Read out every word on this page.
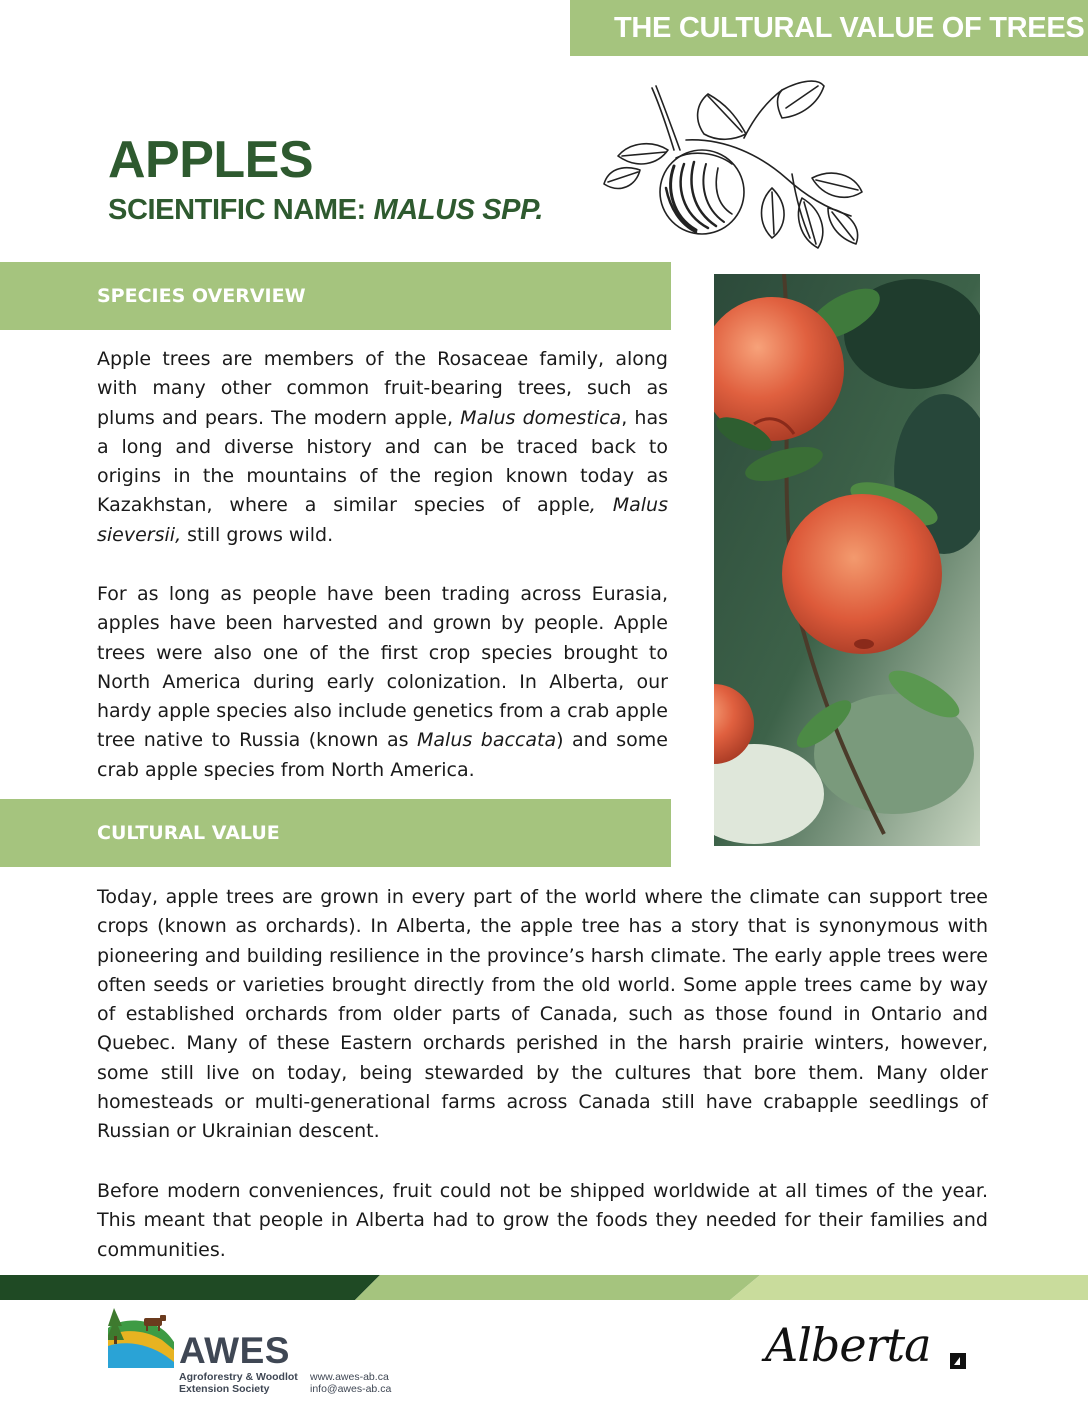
THE CULTURAL VALUE OF TREES
APPLES
SCIENTIFIC NAME: MALUS SPP.
SPECIES OVERVIEW

Apple trees are members of the Rosaceae family, along with many other common fruit-bearing trees, such as plums and pears. The modern apple, Malus domestica, has a long and diverse history and can be traced back to origins in the mountains of the region known today as Kazakhstan, where a similar species of apple, Malus sieversii, still grows wild.

For as long as people have been trading across Eurasia, apples have been harvested and grown by people. Apple trees were also one of the first crop species brought to North America during early colonization. In Alberta, our hardy apple species also include genetics from a crab apple tree native to Russia (known as Malus baccata) and some crab apple species from North America.

CULTURAL VALUE

Today, apple trees are grown in every part of the world where the climate can support tree crops (known as orchards). In Alberta, the apple tree has a story that is synonymous with pioneering and building resilience in the province’s harsh climate. The early apple trees were often seeds or varieties brought directly from the old world. Some apple trees came by way of established orchards from older parts of Canada, such as those found in Ontario and Quebec. Many of these Eastern orchards perished in the harsh prairie winters, however, some still live on today, being stewarded by the cultures that bore them. Many older homesteads or multi-generational farms across Canada still have crabapple seedlings of Russian or Ukrainian descent.

Before modern conveniences, fruit could not be shipped worldwide at all times of the year. This meant that people in Alberta had to grow the foods they needed for their families and communities.

AWES
Agroforestry & Woodlot
Extension Society
www.awes-ab.ca
info@awes-ab.ca
Alberta
